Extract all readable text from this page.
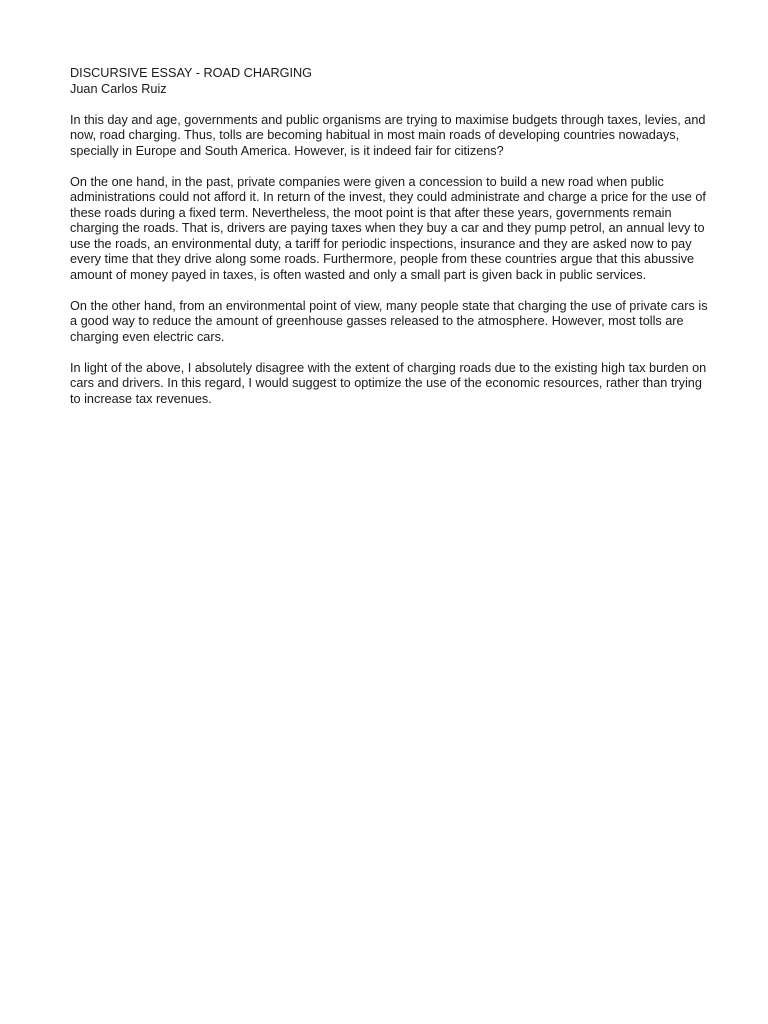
DISCURSIVE ESSAY - ROAD CHARGING

Juan Carlos Ruiz

In this day and age, governments and public organisms are trying to maximise budgets through taxes, levies, and now, road charging. Thus, tolls are becoming habitual in most main roads of developing countries nowadays, specially in Europe and South America. However, is it indeed fair for citizens?

On the one hand, in the past, private companies were given a concession to build a new road when public administrations could not afford it. In return of the invest, they could administrate and charge a price for the use of these roads during a fixed term. Nevertheless, the moot point is that after these years, governments remain charging the roads. That is, drivers are paying taxes when they buy a car and they pump petrol, an annual levy to use the roads, an environmental duty, a tariff for periodic inspections, insurance and they are asked now to pay every time that they drive along some roads. Furthermore, people from these countries argue that this abussive amount of money payed in taxes, is often wasted and only a small part is given back in public services.

On the other hand, from an environmental point of view, many people state that charging the use of private cars is a good way to reduce the amount of greenhouse gasses released to the atmosphere. However, most tolls are charging even electric cars.

In light of the above, I absolutely disagree with the extent of charging roads due to the existing high tax burden on cars and drivers. In this regard, I would suggest to optimize the use of the economic resources, rather than trying to increase tax revenues.
